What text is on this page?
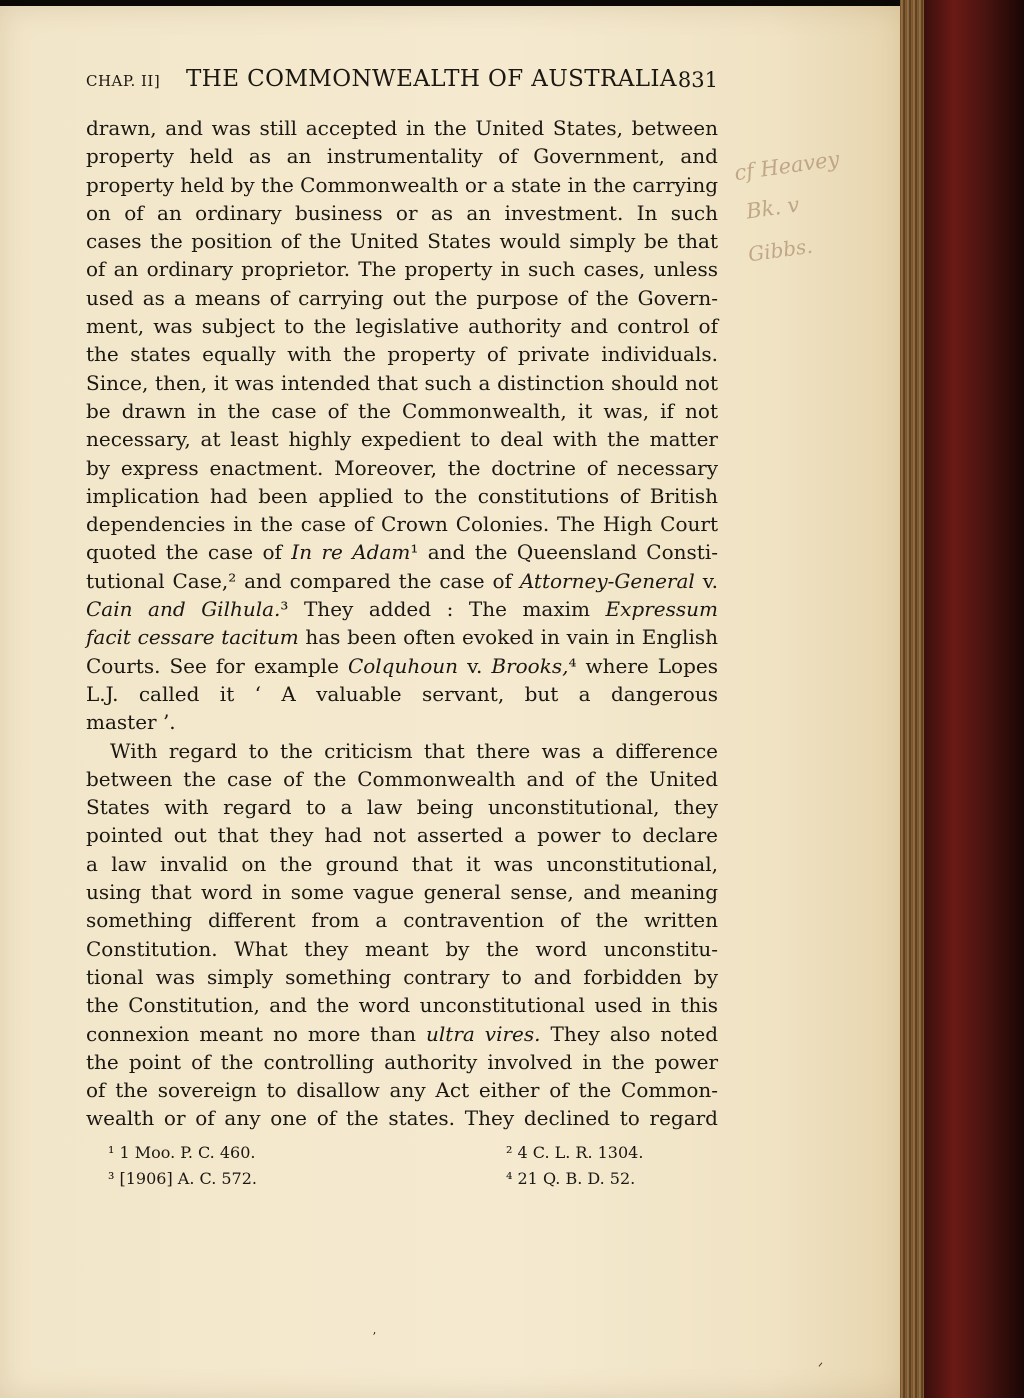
CHAP. II] THE COMMONWEALTH OF AUSTRALIA 831
drawn, and was still accepted in the United States, between
property held as an instrumentality of Government, and
property held by the Commonwealth or a state in the carrying
on of an ordinary business or as an investment. In such
cases the position of the United States would simply be that
of an ordinary proprietor. The property in such cases, unless
used as a means of carrying out the purpose of the Govern-
ment, was subject to the legislative authority and control of
the states equally with the property of private individuals.
Since, then, it was intended that such a distinction should not
be drawn in the case of the Commonwealth, it was, if not
necessary, at least highly expedient to deal with the matter
by express enactment. Moreover, the doctrine of necessary
implication had been applied to the constitutions of British
dependencies in the case of Crown Colonies. The High Court
quoted the case of In re Adam¹ and the Queensland Consti-
tutional Case,² and compared the case of Attorney-General v.
Cain and Gilhula.³ They added : The maxim Expressum
facit cessare tacitum has been often evoked in vain in English
Courts. See for example Colquhoun v. Brooks,⁴ where Lopes
L.J. called it ‘ A valuable servant, but a dangerous
master ’.
With regard to the criticism that there was a difference
between the case of the Commonwealth and of the United
States with regard to a law being unconstitutional, they
pointed out that they had not asserted a power to declare
a law invalid on the ground that it was unconstitutional,
using that word in some vague general sense, and meaning
something different from a contravention of the written
Constitution. What they meant by the word unconstitu-
tional was simply something contrary to and forbidden by
the Constitution, and the word unconstitutional used in this
connexion meant no more than ultra vires. They also noted
the point of the controlling authority involved in the power
of the sovereign to disallow any Act either of the Common-
wealth or of any one of the states. They declined to regard
¹ 1 Moo. P. C. 460.	² 4 C. L. R. 1304.
³ [1906] A. C. 572.	⁴ 21 Q. B. D. 52.
cf Heavey
Bk. v
Gibbs.
ʼ
ᐟ
